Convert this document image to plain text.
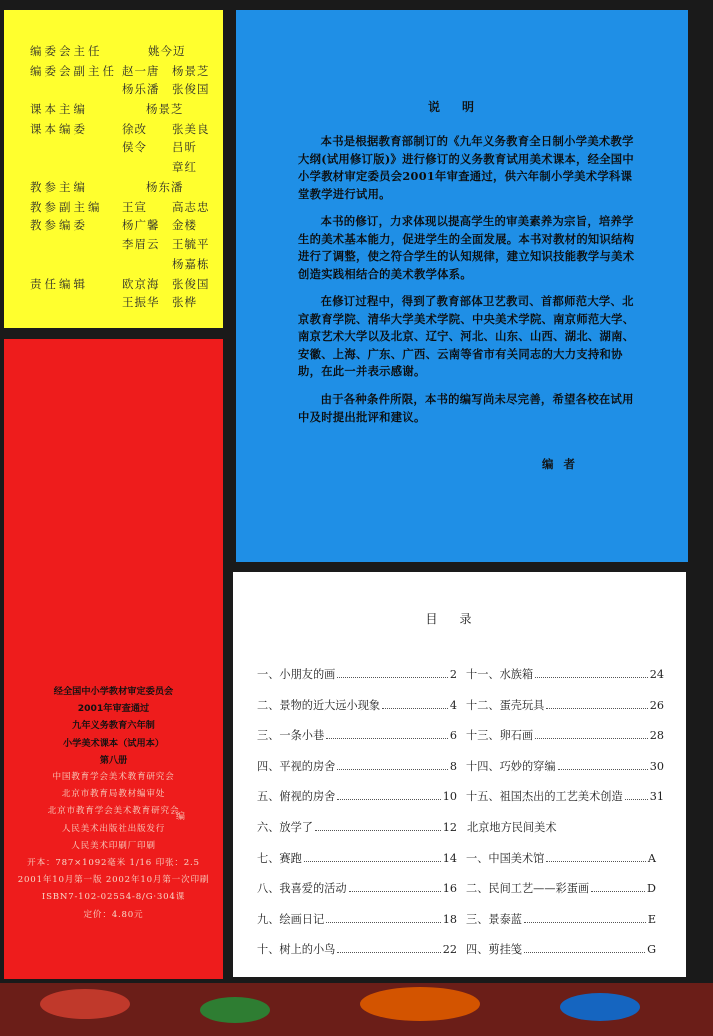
编委会主任	姚今迈
编委会副主任 赵一唐 杨景芝
杨乐潘 张俊国
课本主编	杨景芝
课本编委	徐改 张美良
侯令 吕昕
章红
教参主编	杨东潘
教参副主编 王宣 高志忠
教参编委	杨广馨 金楼
李眉云 王毓平
杨嘉栋
责任编辑	欧京海 张俊国
王振华 张桦
经全国中小学教材审定委员会
2001年审查通过
九年义务教育六年制
小学美术课本（试用本）
第八册
中国教育学会美术教育研究会
北京市教育局教材编审处
北京市教育学会美术教育研究会
人民美术出版社出版发行
人民美术印刷厂印刷
开本：787×1092毫米 1/16 印张：2.5
2001年10月第一版 2002年10月第一次印刷
ISBN7-102-02554-8/G·304课
定价：4.80元
编
说明
本书是根据教育部制订的《九年义务教育全日制小学美术教学大纲(试用修订版)》进行修订的义务教育试用美术课本，经全国中小学教材审定委员会2001年审查通过，供六年制小学美术学科课堂教学进行试用。
本书的修订，力求体现以提高学生的审美素养为宗旨，培养学生的美术基本能力，促进学生的全面发展。本书对教材的知识结构进行了调整，使之符合学生的认知规律，建立知识技能教学与美术创造实践相结合的美术教学体系。
在修订过程中，得到了教育部体卫艺教司、首都师范大学、北京教育学院、清华大学美术学院、中央美术学院、南京师范大学、南京艺术大学以及北京、辽宁、河北、山东、山西、湖北、湖南、安徽、上海、广东、广西、云南等省市有关同志的大力支持和协助，在此一并表示感谢。
由于各种条件所限，本书的编写尚未尽完善，希望各校在试用中及时提出批评和建议。
编者
目录
一、小朋友的画	2
二、景物的近大远小现象	4
三、一条小巷	6
四、平视的房舍	8
五、俯视的房舍	10
六、放学了	12
七、赛跑	14
八、我喜爱的活动	16
九、绘画日记	18
十、树上的小鸟	22
十一、水族箱	24
十二、蛋壳玩具	26
十三、卵石画	28
十四、巧妙的穿编	30
十五、祖国杰出的工艺美术创造 31
北京地方民间美术
一、中国美术馆	A
二、民间工艺——彩蛋画	D
三、景泰蓝	E
四、剪挂笺	G
